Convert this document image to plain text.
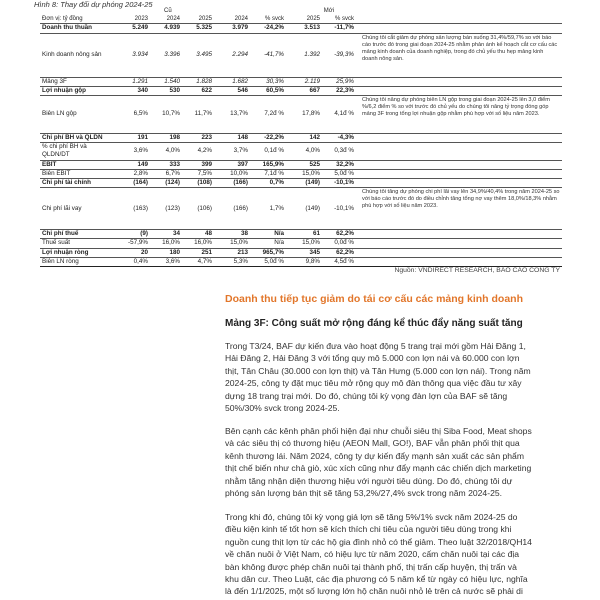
Hình 8: Thay đổi dự phóng 2024-25
		Cũ			Mới			
Đơn vị: tỷ đồng	2023	2024	2025	2024	% svck	2025	% svck	
Doanh thu thuần	5.249	4.939	5.325	3.979	-24,2%	3.513	-11,7%	
Kinh doanh nông sản	3.934	3.396	3.495	2.294	-41,7%	1.392	-39,3%	Chúng tôi cắt giảm dự phóng sản lượng bán xuống 31,4%/59,7% so với báo cáo trước đó trong giai đoạn 2024-25 nhằm phản ánh kế hoạch cắt cơ cấu các mảng kinh doanh của doanh nghiệp, trong đó chủ yếu thu hẹp mảng kinh doanh nông sản.
Mảng 3F	1.291	1.540	1.828	1.682	30,3%	2.119	25,9%	
Lợi nhuận gộp	340	530	622	546	60,5%	667	22,3%	
Biên LN gộp	6,5%	10,7%	11,7%	13,7%	7,2đ %	17,8%	4,1đ %	Chúng tôi nâng dự phóng biên LN gộp trong giai đoạn 2024-25 lên 3,0 điểm %/6,2 điểm % so với trước đó chủ yếu do chúng tôi nâng tỷ trọng đóng góp mảng 3F trong tổng lợi nhuận gộp nhằm phù hợp với số liệu năm 2023.
Chi phí BH và QLDN	191	198	223	148	-22,2%	142	-4,3%	
% chi phí BH và QLDN/DT	3,6%	4,0%	4,2%	3,7%	0,1đ %	4,0%	0,3đ %	
EBIT	149	333	399	397	165,9%	525	32,2%	
Biên EBIT	2,8%	6,7%	7,5%	10,0%	7,1đ %	15,0%	5,0đ %	
Chi phí tài chính	(164)	(124)	(108)	(166)	0,7%	(149)	-10,1%	
Chi phí lãi vay	(163)	(123)	(106)	(166)	1,7%	(149)	-10,1%	Chúng tôi tăng dự phóng chi phí lãi vay lên 34,9%/40,4% trong năm 2024-25 so với báo cáo trước đó do điều chỉnh tăng tổng nợ vay thêm 18,0%/18,3% nhằm phù hợp với số liệu năm 2023.
Chi phí thuế	(9)	34	48	38	N/a	61	62,2%	
Thuế suất	-57,9%	16,0%	16,0%	15,0%	N/a	15,0%	0,0đ %	
Lợi nhuận ròng	20	180	251	213	965,7%	345	62,2%	
Biên LN ròng	0,4%	3,6%	4,7%	5,3%	5,0đ %	9,8%	4,5đ %	
Nguồn: VNDIRECT RESEARCH, BÁO CÁO CÔNG TY
Doanh thu tiếp tục giảm do tái cơ cấu các mảng kinh doanh
Mảng 3F: Công suất mở rộng đáng kể thúc đẩy năng suất tăng
Trong T3/24, BAF dự kiến đưa vào hoạt động 5 trang trại mới gồm Hải Đăng 1,
Hải Đăng 2, Hải Đăng 3 với tổng quy mô 5.000 con lợn nái và 60.000 con lợn
thịt, Tân Châu (30.000 con lợn thịt) và Tân Hưng (5.000 con lợn nái). Trong năm
2024-25, công ty đặt mục tiêu mở rộng quy mô đàn thông qua việc đầu tư xây
dựng 18 trang trại mới. Do đó, chúng tôi kỳ vọng đàn lợn của BAF sẽ tăng
50%/30% svck trong 2024-25.
Bên cạnh các kênh phân phối hiện đại như chuỗi siêu thị Siba Food, Meat shops
và các siêu thị có thương hiệu (AEON Mall, GO!), BAF vẫn phân phối thịt qua
kênh thương lái. Năm 2024, công ty dự kiến đẩy mạnh sản xuất các sản phẩm
thịt chế biến như chả giò, xúc xích cũng như đẩy mạnh các chiến dịch marketing
nhằm tăng nhận diện thương hiệu với người tiêu dùng. Do đó, chúng tôi dự
phóng sản lượng bán thịt sẽ tăng 53,2%/27,4% svck trong năm 2024-25.
Trong khi đó, chúng tôi kỳ vọng giá lợn sẽ tăng 5%/1% svck năm 2024-25 do
điều kiện kinh tế tốt hơn sẽ kích thích chi tiêu của người tiêu dùng trong khi
nguồn cung thịt lợn từ các hộ gia đình nhỏ có thể giảm. Theo luật 32/2018/QH14
về chăn nuôi ở Việt Nam, có hiệu lực từ năm 2020, cấm chăn nuôi tại các địa
bàn không được phép chăn nuôi tại thành phố, thị trấn cấp huyện, thị trấn và
khu dân cư. Theo Luật, các địa phương có 5 năm kể từ ngày có hiệu lực, nghĩa
là đến 1/1/2025, một số lượng lớn hộ chăn nuôi nhỏ lẻ trên cả nước sẽ phải di
